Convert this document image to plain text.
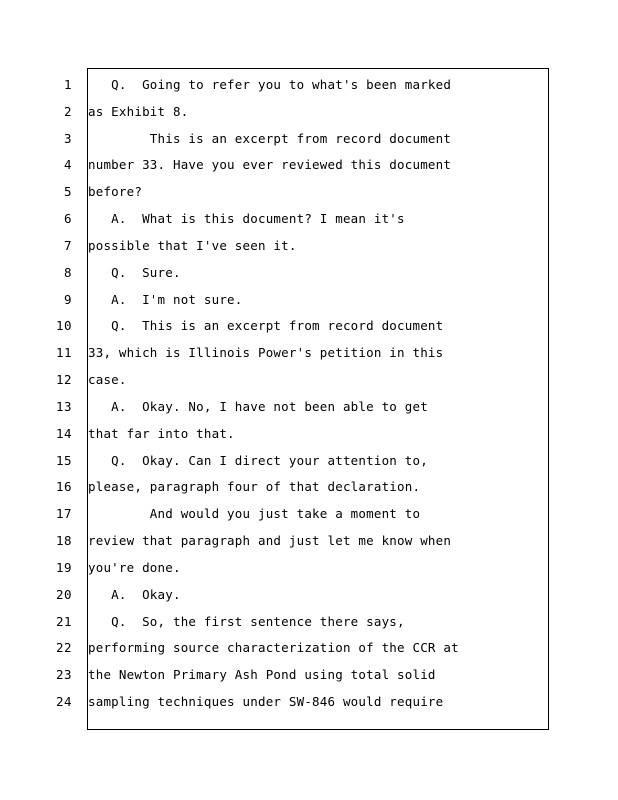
1 Q.  Going to refer you to what's been marked
2 as Exhibit 8.
3 This is an excerpt from record document
4 number 33. Have you ever reviewed this document
5 before?
6 A.  What is this document? I mean it's
7 possible that I've seen it.
8 Q.  Sure.
9 A.  I'm not sure.
10 Q.  This is an excerpt from record document
11 33, which is Illinois Power's petition in this
12 case.
13 A.  Okay. No, I have not been able to get
14 that far into that.
15 Q.  Okay. Can I direct your attention to,
16 please, paragraph four of that declaration.
17 And would you just take a moment to
18 review that paragraph and just let me know when
19 you're done.
20 A.  Okay.
21 Q.  So, the first sentence there says,
22 performing source characterization of the CCR at
23 the Newton Primary Ash Pond using total solid
24 sampling techniques under SW-846 would require
